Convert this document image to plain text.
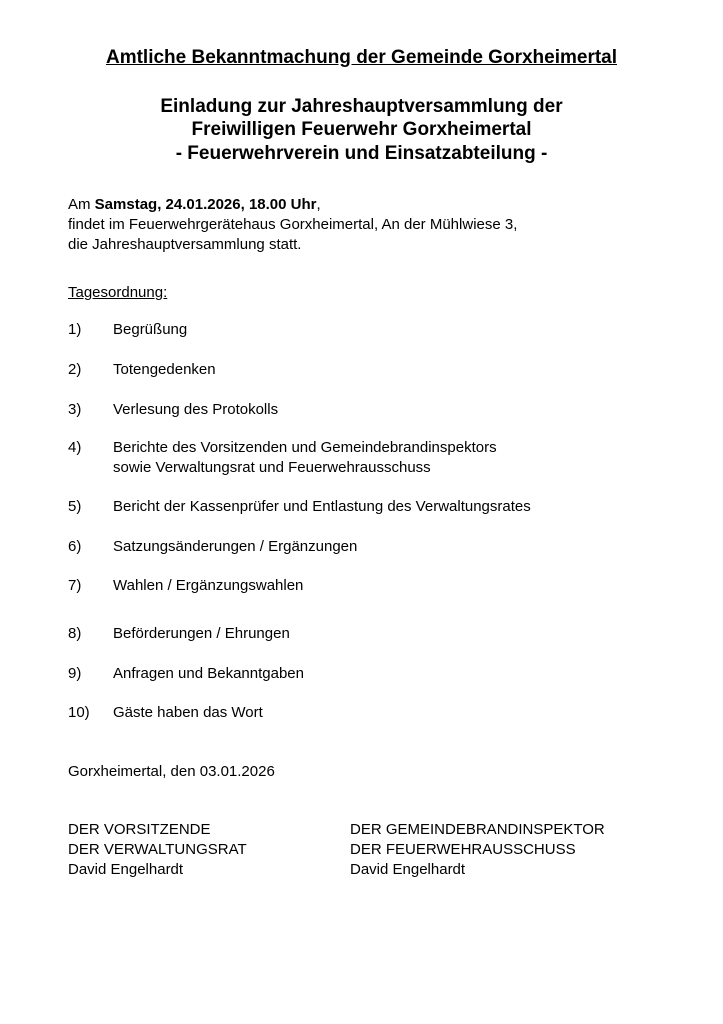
Amtliche Bekanntmachung der Gemeinde Gorxheimertal
Einladung zur Jahreshauptversammlung der
Freiwilligen Feuerwehr Gorxheimertal
- Feuerwehrverein und Einsatzabteilung -
Am Samstag, 24.01.2026, 18.00 Uhr,
findet im Feuerwehrgerätehaus Gorxheimertal, An der Mühlwiese 3,
die Jahreshauptversammlung statt.
Tagesordnung:
1) Begrüßung
2) Totengedenken
3) Verlesung des Protokolls
4) Berichte des Vorsitzenden und Gemeindebrandinspektors
sowie Verwaltungsrat und Feuerwehrausschuss
5) Bericht der Kassenprüfer und Entlastung des Verwaltungsrates
6) Satzungsänderungen / Ergänzungen
7) Wahlen / Ergänzungswahlen
8) Beförderungen / Ehrungen
9) Anfragen und Bekanntgaben
10) Gäste haben das Wort
Gorxheimertal, den 03.01.2026
DER VORSITZENDE
DER VERWALTUNGSRAT
David Engelhardt
DER GEMEINDEBRANDINSPEKTOR
DER FEUERWEHRAUSSCHUSS
David Engelhardt
